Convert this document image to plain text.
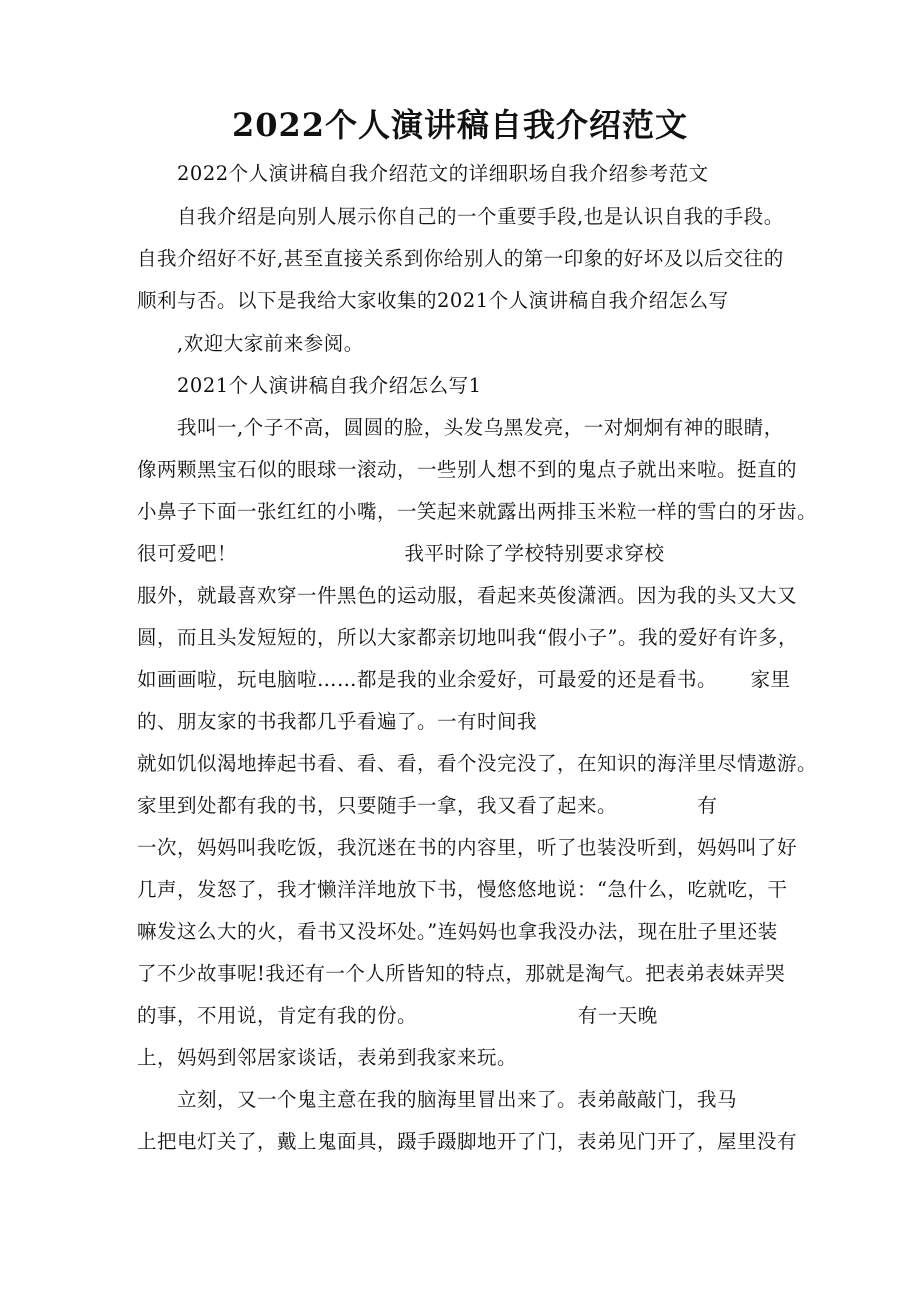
2022个人演讲稿自我介绍范文
2022个人演讲稿自我介绍范文的详细职场自我介绍参考范文
自我介绍是向别人展示你自己的一个重要手段,也是认识自我的手段。
自我介绍好不好,甚至直接关系到你给别人的第一印象的好坏及以后交往的
顺利与否。以下是我给大家收集的2021个人演讲稿自我介绍怎么写
,欢迎大家前来参阅。
2021个人演讲稿自我介绍怎么写1
我叫一,个子不高，圆圆的脸，头发乌黑发亮，一对炯炯有神的眼睛，
像两颗黑宝石似的眼球一滚动，一些别人想不到的鬼点子就出来啦。挺直的
小鼻子下面一张红红的小嘴，一笑起来就露出两排玉米粒一样的雪白的牙齿。
很可爱吧！                         我平时除了学校特别要求穿校
服外，就最喜欢穿一件黑色的运动服，看起来英俊潇洒。因为我的头又大又
圆，而且头发短短的，所以大家都亲切地叫我“假小子”。我的爱好有许多，
如画画啦，玩电脑啦……都是我的业余爱好，可最爱的还是看书。     家里
的、朋友家的书我都几乎看遍了。一有时间我
就如饥似渴地捧起书看、看、看，看个没完没了，在知识的海洋里尽情遨游。
家里到处都有我的书，只要随手一拿，我又看了起来。            有
一次，妈妈叫我吃饭，我沉迷在书的内容里，听了也装没听到，妈妈叫了好
几声，发怒了，我才懒洋洋地放下书，慢悠悠地说：“急什么，吃就吃，干
嘛发这么大的火，看书又没坏处。”连妈妈也拿我没办法，现在肚子里还装
了不少故事呢!我还有一个人所皆知的特点，那就是淘气。把表弟表妹弄哭
的事，不用说，肯定有我的份。                        有一天晚
上，妈妈到邻居家谈话，表弟到我家来玩。
立刻，又一个鬼主意在我的脑海里冒出来了。表弟敲敲门，我马
上把电灯关了，戴上鬼面具，蹑手蹑脚地开了门，表弟见门开了，屋里没有
